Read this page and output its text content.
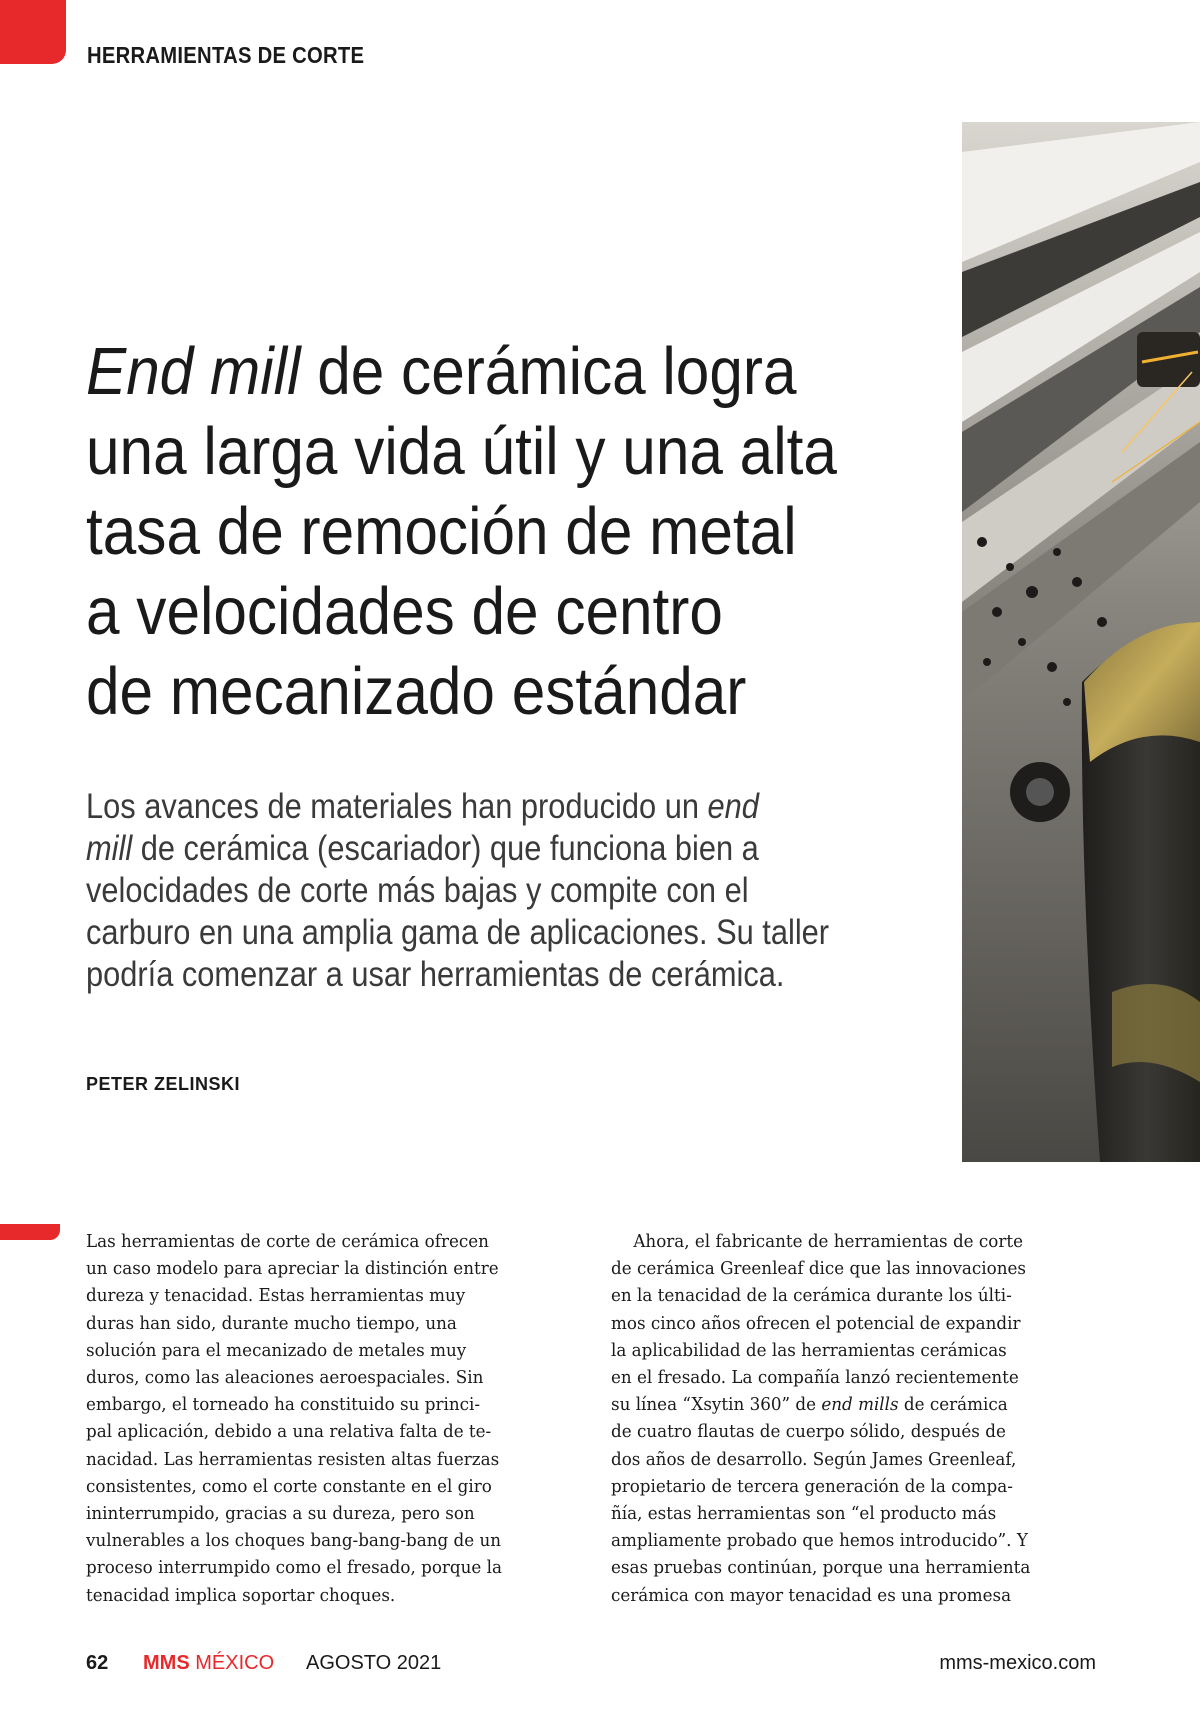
HERRAMIENTAS DE CORTE
End mill de cerámica logra
una larga vida útil y una alta
tasa de remoción de metal
a velocidades de centro
de mecanizado estándar
Los avances de materiales han producido un end
mill de cerámica (escariador) que funciona bien a
velocidades de corte más bajas y compite con el
carburo en una amplia gama de aplicaciones. Su taller
podría comenzar a usar herramientas de cerámica.
PETER ZELINSKI
Las herramientas de corte de cerámica ofrecen
un caso modelo para apreciar la distinción entre
dureza y tenacidad. Estas herramientas muy
duras han sido, durante mucho tiempo, una
solución para el mecanizado de metales muy
duros, como las aleaciones aeroespaciales. Sin
embargo, el torneado ha constituido su princi-
pal aplicación, debido a una relativa falta de te-
nacidad. Las herramientas resisten altas fuerzas
consistentes, como el corte constante en el giro
ininterrumpido, gracias a su dureza, pero son
vulnerables a los choques bang-bang-bang de un
proceso interrumpido como el fresado, porque la
tenacidad implica soportar choques.
Ahora, el fabricante de herramientas de corte
de cerámica Greenleaf dice que las innovaciones
en la tenacidad de la cerámica durante los últi-
mos cinco años ofrecen el potencial de expandir
la aplicabilidad de las herramientas cerámicas
en el fresado. La compañía lanzó recientemente
su línea “Xsytin 360” de end mills de cerámica
de cuatro flautas de cuerpo sólido, después de
dos años de desarrollo. Según James Greenleaf,
propietario de tercera generación de la compa-
ñía, estas herramientas son “el producto más
ampliamente probado que hemos introducido”. Y
esas pruebas continúan, porque una herramienta
cerámica con mayor tenacidad es una promesa
62 MMS MÉXICO AGOSTO 2021	mms-mexico.com
